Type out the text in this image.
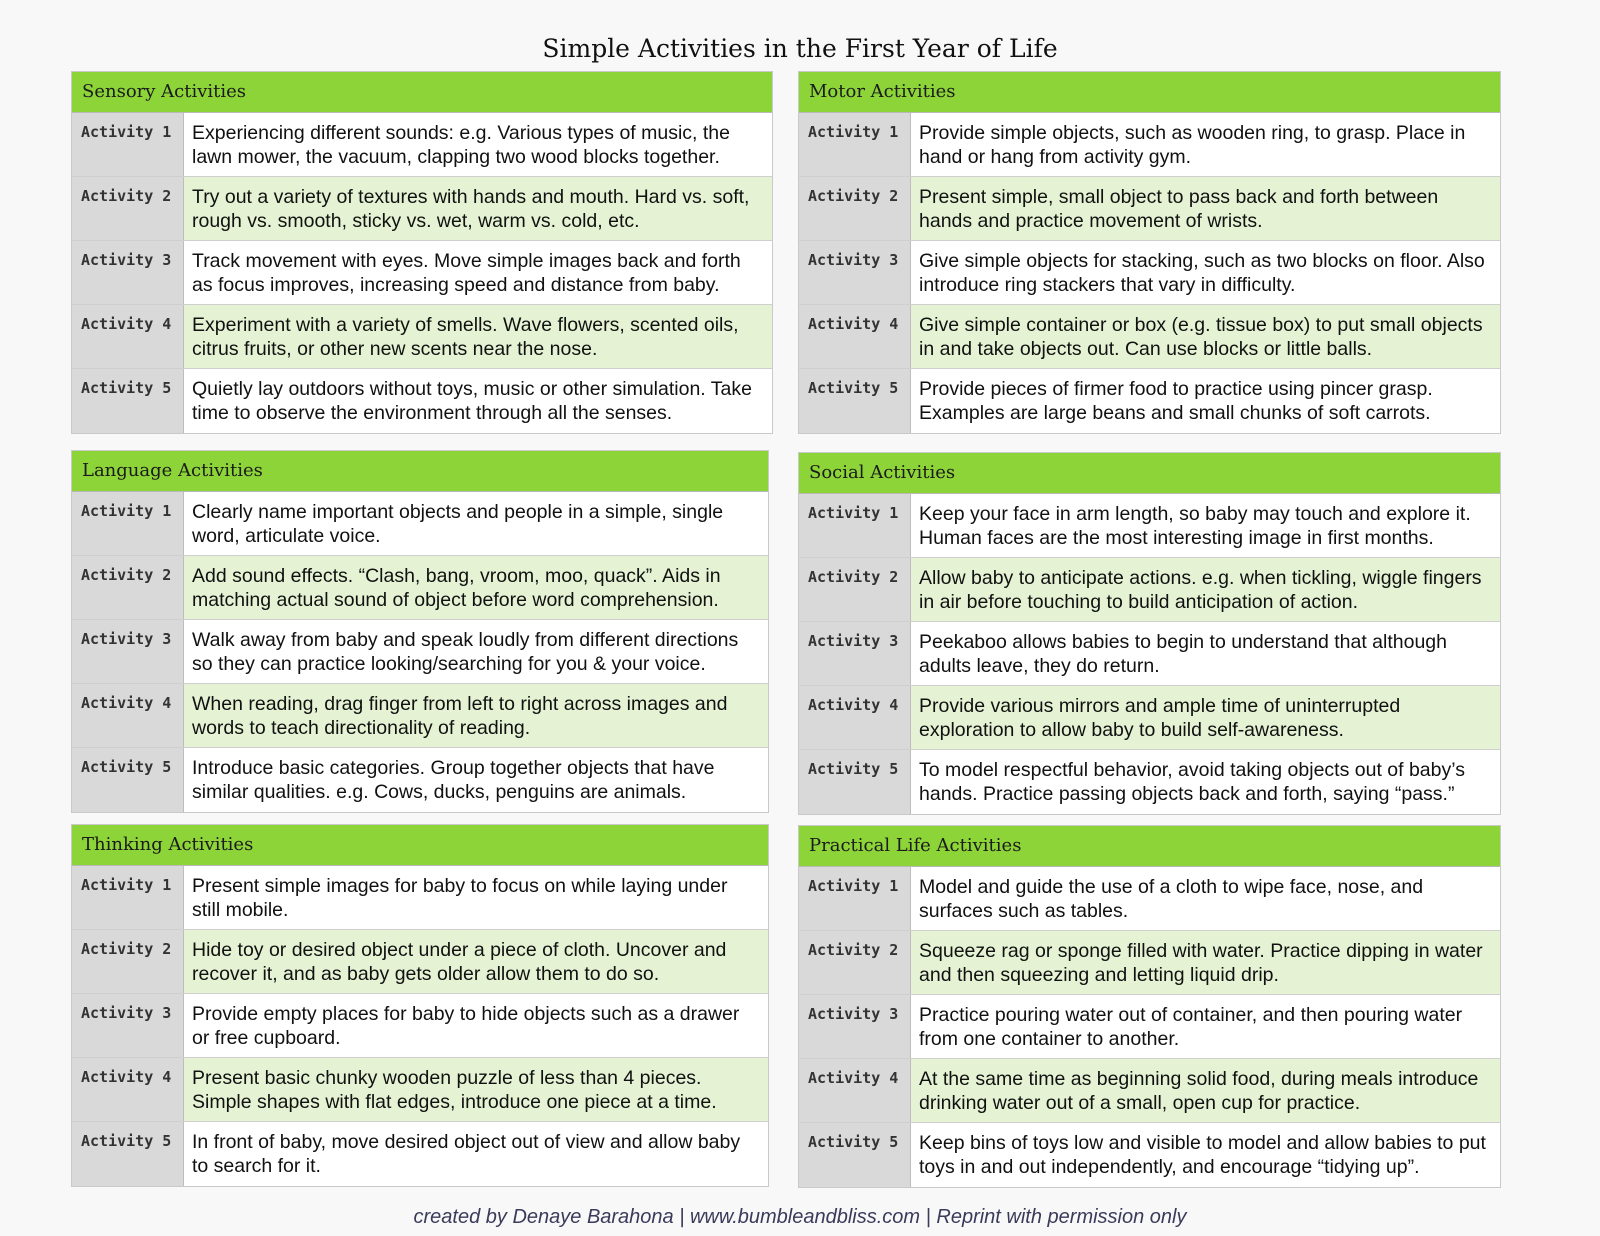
Simple Activities in the First Year of Life
Sensory Activities
Activity 1	Experiencing different sounds: e.g. Various types of music, the lawn mower, the vacuum, clapping two wood blocks together.
Activity 2	Try out a variety of textures with hands and mouth. Hard vs. soft, rough vs. smooth, sticky vs. wet, warm vs. cold, etc.
Activity 3	Track movement with eyes. Move simple images back and forth as focus improves, increasing speed and distance from baby.
Activity 4	Experiment with a variety of smells. Wave flowers, scented oils, citrus fruits, or other new scents near the nose.
Activity 5	Quietly lay outdoors without toys, music or other simulation. Take time to observe the environment through all the senses.
Motor Activities
Activity 1	Provide simple objects, such as wooden ring, to grasp. Place in hand or hang from activity gym.
Activity 2	Present simple, small object to pass back and forth between hands and practice movement of wrists.
Activity 3	Give simple objects for stacking, such as two blocks on floor. Also introduce ring stackers that vary in difficulty.
Activity 4	Give simple container or box (e.g. tissue box) to put small objects in and take objects out. Can use blocks or little balls.
Activity 5	Provide pieces of firmer food to practice using pincer grasp. Examples are large beans and small chunks of soft carrots.
Language Activities
Activity 1	Clearly name important objects and people in a simple, single word, articulate voice.
Activity 2	Add sound effects. “Clash, bang, vroom, moo, quack”. Aids in matching actual sound of object before word comprehension.
Activity 3	Walk away from baby and speak loudly from different directions so they can practice looking/searching for you & your voice.
Activity 4	When reading, drag finger from left to right across images and words to teach directionality of reading.
Activity 5	Introduce basic categories. Group together objects that have similar qualities. e.g. Cows, ducks, penguins are animals.
Social Activities
Activity 1	Keep your face in arm length, so baby may touch and explore it. Human faces are the most interesting image in first months.
Activity 2	Allow baby to anticipate actions. e.g. when tickling, wiggle fingers in air before touching to build anticipation of action.
Activity 3	Peekaboo allows babies to begin to understand that although adults leave, they do return.
Activity 4	Provide various mirrors and ample time of uninterrupted exploration to allow baby to build self-awareness.
Activity 5	To model respectful behavior, avoid taking objects out of baby’s hands. Practice passing objects back and forth, saying “pass.”
Thinking Activities
Activity 1	Present simple images for baby to focus on while laying under still mobile.
Activity 2	Hide toy or desired object under a piece of cloth. Uncover and recover it, and as baby gets older allow them to do so.
Activity 3	Provide empty places for baby to hide objects such as a drawer or free cupboard.
Activity 4	Present basic chunky wooden puzzle of less than 4 pieces. Simple shapes with flat edges, introduce one piece at a time.
Activity 5	In front of baby, move desired object out of view and allow baby to search for it.
Practical Life Activities
Activity 1	Model and guide the use of a cloth to wipe face, nose, and surfaces such as tables.
Activity 2	Squeeze rag or sponge filled with water. Practice dipping in water and then squeezing and letting liquid drip.
Activity 3	Practice pouring water out of container, and then pouring water from one container to another.
Activity 4	At the same time as beginning solid food, during meals introduce drinking water out of a small, open cup for practice.
Activity 5	Keep bins of toys low and visible to model and allow babies to put toys in and out independently, and encourage “tidying up”.
created by Denaye Barahona | www.bumbleandbliss.com | Reprint with permission only
